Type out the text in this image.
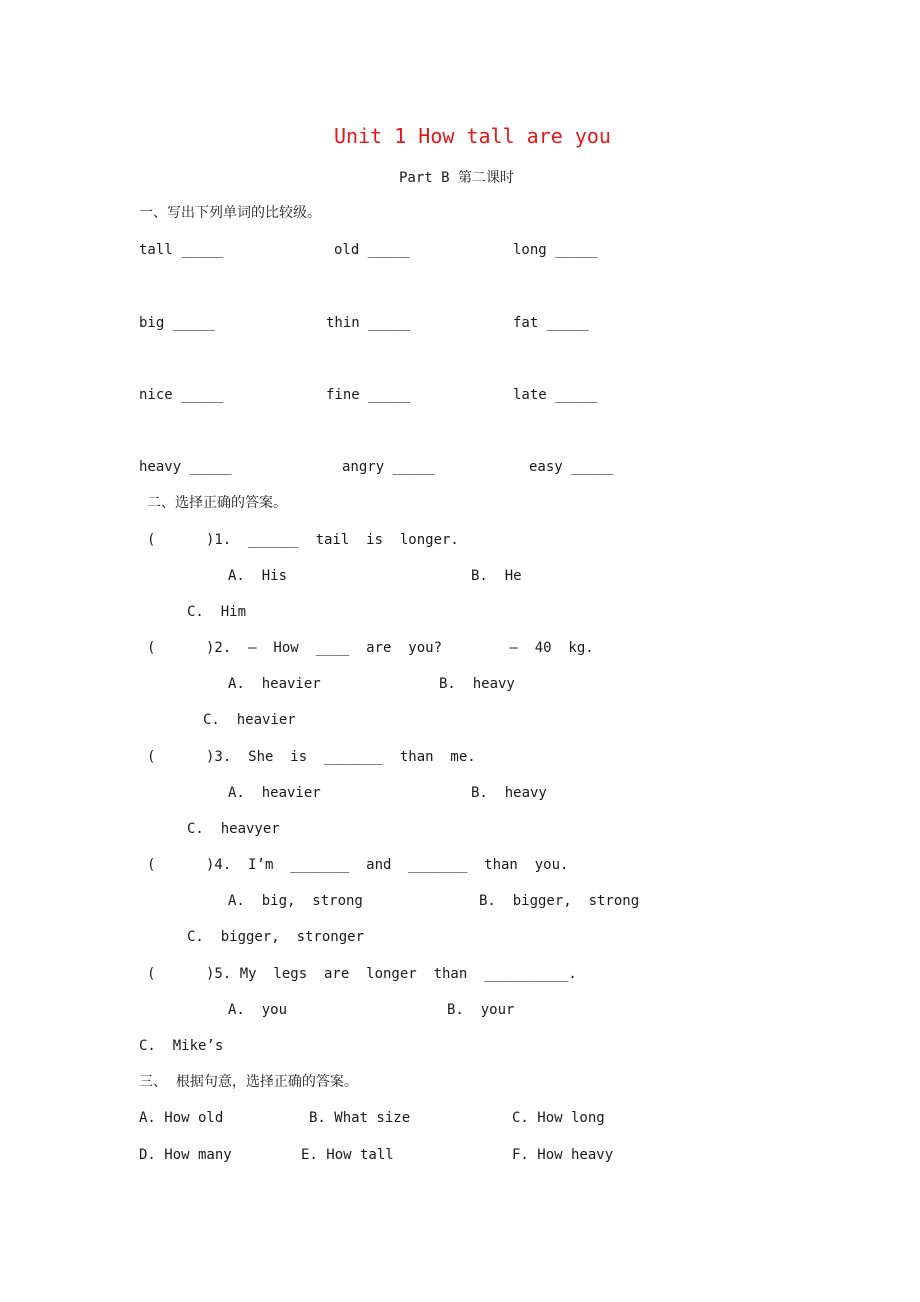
Unit 1 How tall are you
Part B 第二课时
一、写出下列单词的比较级。
tall _____	old _____	long _____
big _____	thin _____	fat _____
nice _____	fine _____	late _____
heavy _____	angry _____	easy _____
二、选择正确的答案。
(      )1.  ______  tail  is  longer.
A.  His	B.  He
C.  Him
(      )2.  —  How  ____  are  you?        —  40  kg.
A.  heavier	B.  heavy
C.  heavier
(      )3.  She  is  _______  than  me.
A.  heavier	B.  heavy
C.  heavyer
(      )4.  I’m  _______  and  _______  than  you.
A.  big,  strong	B.  bigger,  strong
C.  bigger,  stronger
(      )5. My  legs  are  longer  than  __________.
A.  you	B.  your
C.  Mike’s
三、  根据句意，选择正确的答案。
A. How old	B. What size	C. How long
D. How many	E. How tall	F. How heavy
